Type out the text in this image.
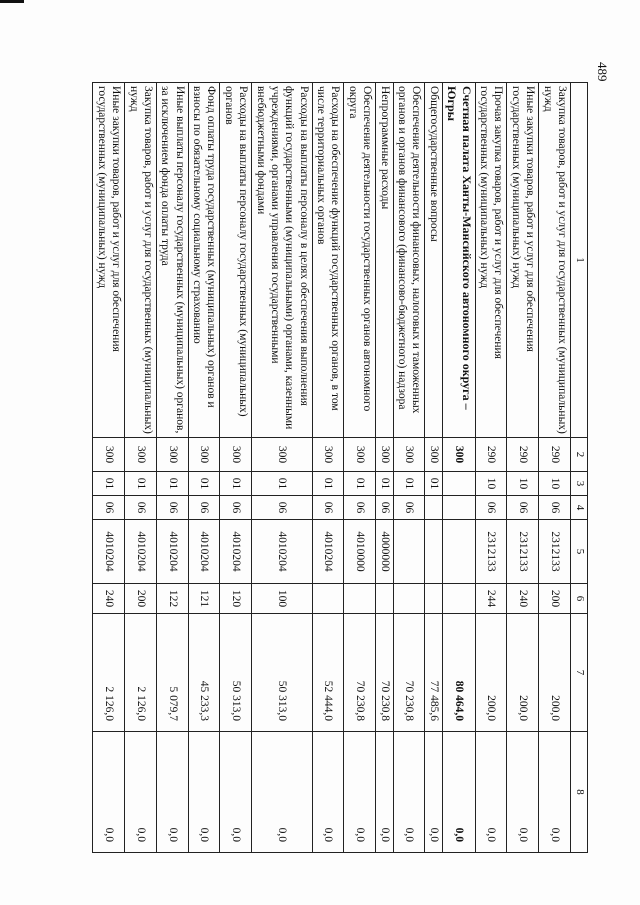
489
1	2	3	4	5	6	7	8
Закупка товаров, работ и услуг для государственных (муниципальных) нужд	290	10	06	2312133	200	200,0	0,0
Иные закупки товаров, работ и услуг для обеспечения государственных (муниципальных) нужд	290	10	06	2312133	240	200,0	0,0
Прочая закупка товаров, работ и услуг для обеспечения государственных (муниципальных) нужд	290	10	06	2312133	244	200,0	0,0
Счетная палата Ханты-Мансийского автономного округа – Югры	300					80 464,0	0,0
Общегосударственные вопросы	300	01				77 485,6	0,0
Обеспечение деятельности финансовых, налоговых и таможенных органов и органов финансового (финансово-бюджетного) надзора	300	01	06			70 230,8	0,0
Непрограммные расходы	300	01	06	4000000		70 230,8	0,0
Обеспечение деятельности государственных органов автономного округа	300	01	06	4010000		70 230,8	0,0
Расходы на обеспечение функций государственных органов, в том числе территориальных органов	300	01	06	4010204		52 444,0	0,0
Расходы на выплаты персоналу в целях обеспечения выполнения функций государственными (муниципальными) органами, казенными учреждениями, органами управления государственными внебюджетными фондами	300	01	06	4010204	100	50 313,0	0,0
Расходы на выплаты персоналу государственных (муниципальных) органов	300	01	06	4010204	120	50 313,0	0,0
Фонд оплаты труда государственных (муниципальных) органов и взносы по обязательному социальному страхованию	300	01	06	4010204	121	45 233,3	0,0
Иные выплаты персоналу государственных (муниципальных) органов, за исключением фонда оплаты труда	300	01	06	4010204	122	5 079,7	0,0
Закупка товаров, работ и услуг для государственных (муниципальных) нужд	300	01	06	4010204	200	2 126,0	0,0
Иные закупки товаров, работ и услуг для обеспечения государственных (муниципальных) нужд	300	01	06	4010204	240	2 126,0	0,0
